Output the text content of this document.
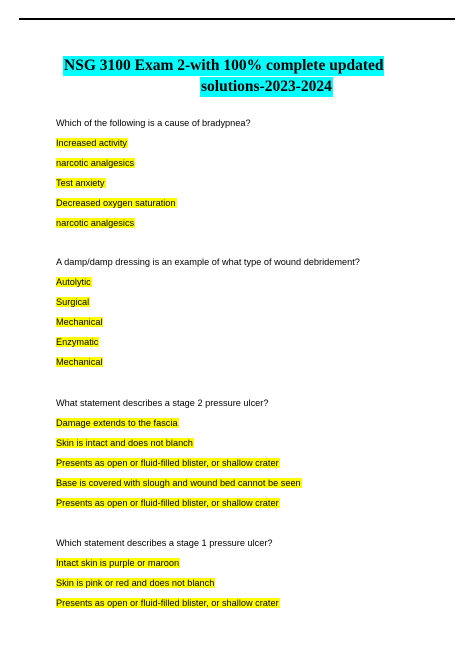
NSG 3100 Exam 2-with 100% complete updated
solutions-2023-2024
Which of the following is a cause of bradypnea?
Increased activity
narcotic analgesics
Test anxiety
Decreased oxygen saturation
narcotic analgesics
A damp/damp dressing is an example of what type of wound debridement?
Autolytic
Surgical
Mechanical
Enzymatic
Mechanical
What statement describes a stage 2 pressure ulcer?
Damage extends to the fascia
Skin is intact and does not blanch
Presents as open or fluid-filled blister, or shallow crater
Base is covered with slough and wound bed cannot be seen
Presents as open or fluid-filled blister, or shallow crater
Which statement describes a stage 1 pressure ulcer?
Intact skin is purple or maroon
Skin is pink or red and does not blanch
Presents as open or fluid-filled blister, or shallow crater
